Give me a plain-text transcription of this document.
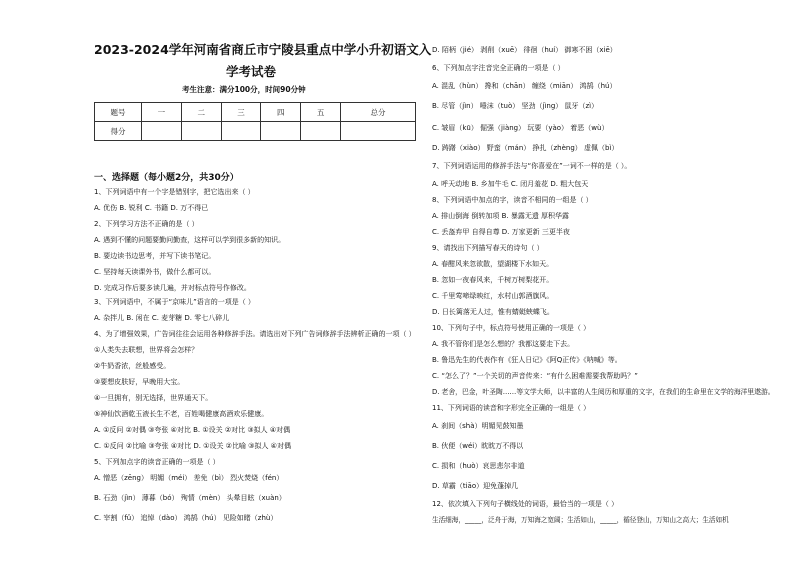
2023-2024学年河南省商丘市宁陵县重点中学小升初语文入
学考试卷
考生注意：满分100分，时间90分钟
题号	一	二	三	四	五	总分
得分						
一、选择题（每小题2分，共30分）
1、下列词语中有一个字是错别字，把它选出来（ ）
A. 优伤 B. 锐利 C. 书籍 D. 万不得已
2、下列学习方法不正确的是（ ）
A. 遇到不懂的问题要勤问勤查，这样可以学到很多新的知识。
B. 要边读书边思考，并写下读书笔记。
C. 坚持每天读课外书，做什么都可以。
D. 完成习作后要多读几遍，并对标点符号作修改。
3、下列词语中，不属于“京味儿”语言的一项是（ ）
A. 杂拌儿 B. 闲在 C. 麦芽糖 D. 零七八碎儿
4、为了增强效果，广告词往往会运用各种修辞手法。请选出对下列广告词修辞手法辨析正确的一项（ ）
①人类失去联想，世界将会怎样？
②牛奶香浓，丝般感受。
③要想皮肤好，早晚用大宝。
④一旦拥有，别无选择，世界通天下。
⑤神仙饮酒乾玉液长生不老，百姓喝健康高酒欢乐健康。
A. ①反问 ②对偶 ③夸张 ④对比 B. ①设关 ②对比 ③拟人 ④对偶
C. ①反问 ②比喻 ③夸张 ④对比 D. ①设关 ②比喻 ③拟人 ④对偶
5、下列加点字的读音正确的一项是（ ）
A. 憎恶（zēng） 明媚（méi） 差免（bì） 烈火焚烧（fén）
B. 石劲（jìn） 薄暮（bó） 殉情（mèn） 头晕目眩（xuàn）
C. 宰割（fǔ） 追悼（dào） 鸿鹄（hú） 见险如睹（zhù）
D. 陌柄（jié） 剥削（xuē） 徘徊（huí） 御寒不困（xiē）
6、下列加点字注音完全正确的一项是（ ）
A. 混乱（hùn） 搀和（chān） 缠绕（miān） 鸿鹄（hú）
B. 尽管（jìn） 唾沫（tuò） 坚劲（jìng） 鼠牙（zì）
C. 皱眉（kū） 倔强（jiàng） 玩要（yào） 着恶（wù）
D. 踌躇（xiào） 野蛮（mán） 挣扎（zhèng） 虚佩（bì）
7、下列词语运用的修辞手法与“你喜爱在”一词不一样的是（ ）。
A. 呼天动地 B. 乡加牛毛 C. 闭月羞花 D. 粗大包天
8、下列词语中加点的字，读音不相同的一组是（ ）
A. 排山倒海 倒转加项 B. 暴露无遗 厚积华露
C. 丢盔弃甲 自得自尊 D. 万家更新 三更半夜
9、请找出下列描写春天的诗句（ ）
A. 春酣风来忽欲散，望湖楼下水如天。
B. 忽如一夜春风来，千树万树梨花开。
C. 千里莺啼绿映红，水村山郭酒旗风。
D. 日长篱落无人过，惟有蜻蜓蛱蝶飞。
10、下列句子中，标点符号使用正确的一项是（ ）
A. 我不管你们是怎么想的？我都这要走下去。
B. 鲁迅先生的代表作有《狂人日记》《阿Q正传》《呐喊》等。
C. “怎么了？”一个关切的声音传来：“有什么困难需要我帮助吗？”
D. 老舍，巴金，叶圣陶……等文学大师，以丰富的人生阅历和厚重的文字，在我们的生命里在文学的海洋里遨游。
11、下列词语的读音和字形完全正确的一组是（ ）
A. 刹间（shà）明媚见鼓知墨
B. 伙便（wéi）眈眈万不得以
C. 损和（huò）哀思悲尔非道
D. 草霸（tiāo）迎免蓬掉几
12、依次填入下列句子横线处的词语，最恰当的一项是（ ）
生活细海，_____，泛舟于海，万知海之宽阔；生活如山，_____，循径登山，万知山之高大；生活如机
